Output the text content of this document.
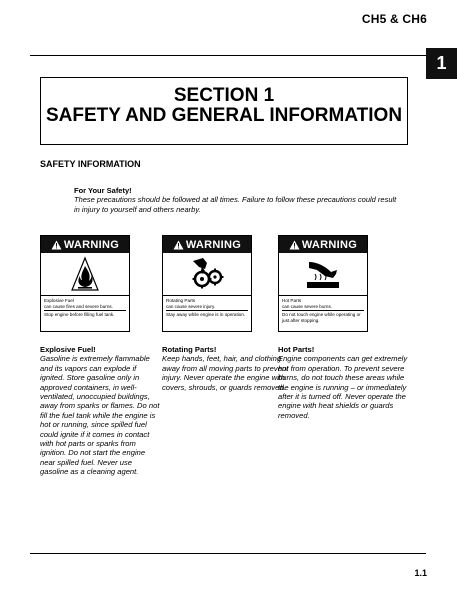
CH5 & CH6
1
SECTION 1
SAFETY AND GENERAL INFORMATION
SAFETY INFORMATION
For Your Safety!
These precautions should be followed at all times. Failure to follow these precautions could result in injury to yourself and others nearby.
WARNING
Explosive Fuel
can cause fires and severe burns.
Stop engine before filling fuel tank.
WARNING
Rotating Parts
can cause severe injury.
Stay away while engine is in operation.
WARNING
Hot Parts
can cause severe burns.
Do not touch engine while operating or just after stopping.
Explosive Fuel!
Gasoline is extremely flammable and its vapors can explode if ignited. Store gasoline only in approved containers, in well-ventilated, unoccupied buildings, away from sparks or flames. Do not fill the fuel tank while the engine is hot or running, since spilled fuel could ignite if it comes in contact with hot parts or sparks from ignition. Do not start the engine near spilled fuel. Never use gasoline as a cleaning agent.
Rotating Parts!
Keep hands, feet, hair, and clothing away from all moving parts to prevent injury. Never operate the engine with covers, shrouds, or guards removed.
Hot Parts!
Engine components can get extremely hot from operation. To prevent severe burns, do not touch these areas while the engine is running – or immediately after it is turned off. Never operate the engine with heat shields or guards removed.
1.1
